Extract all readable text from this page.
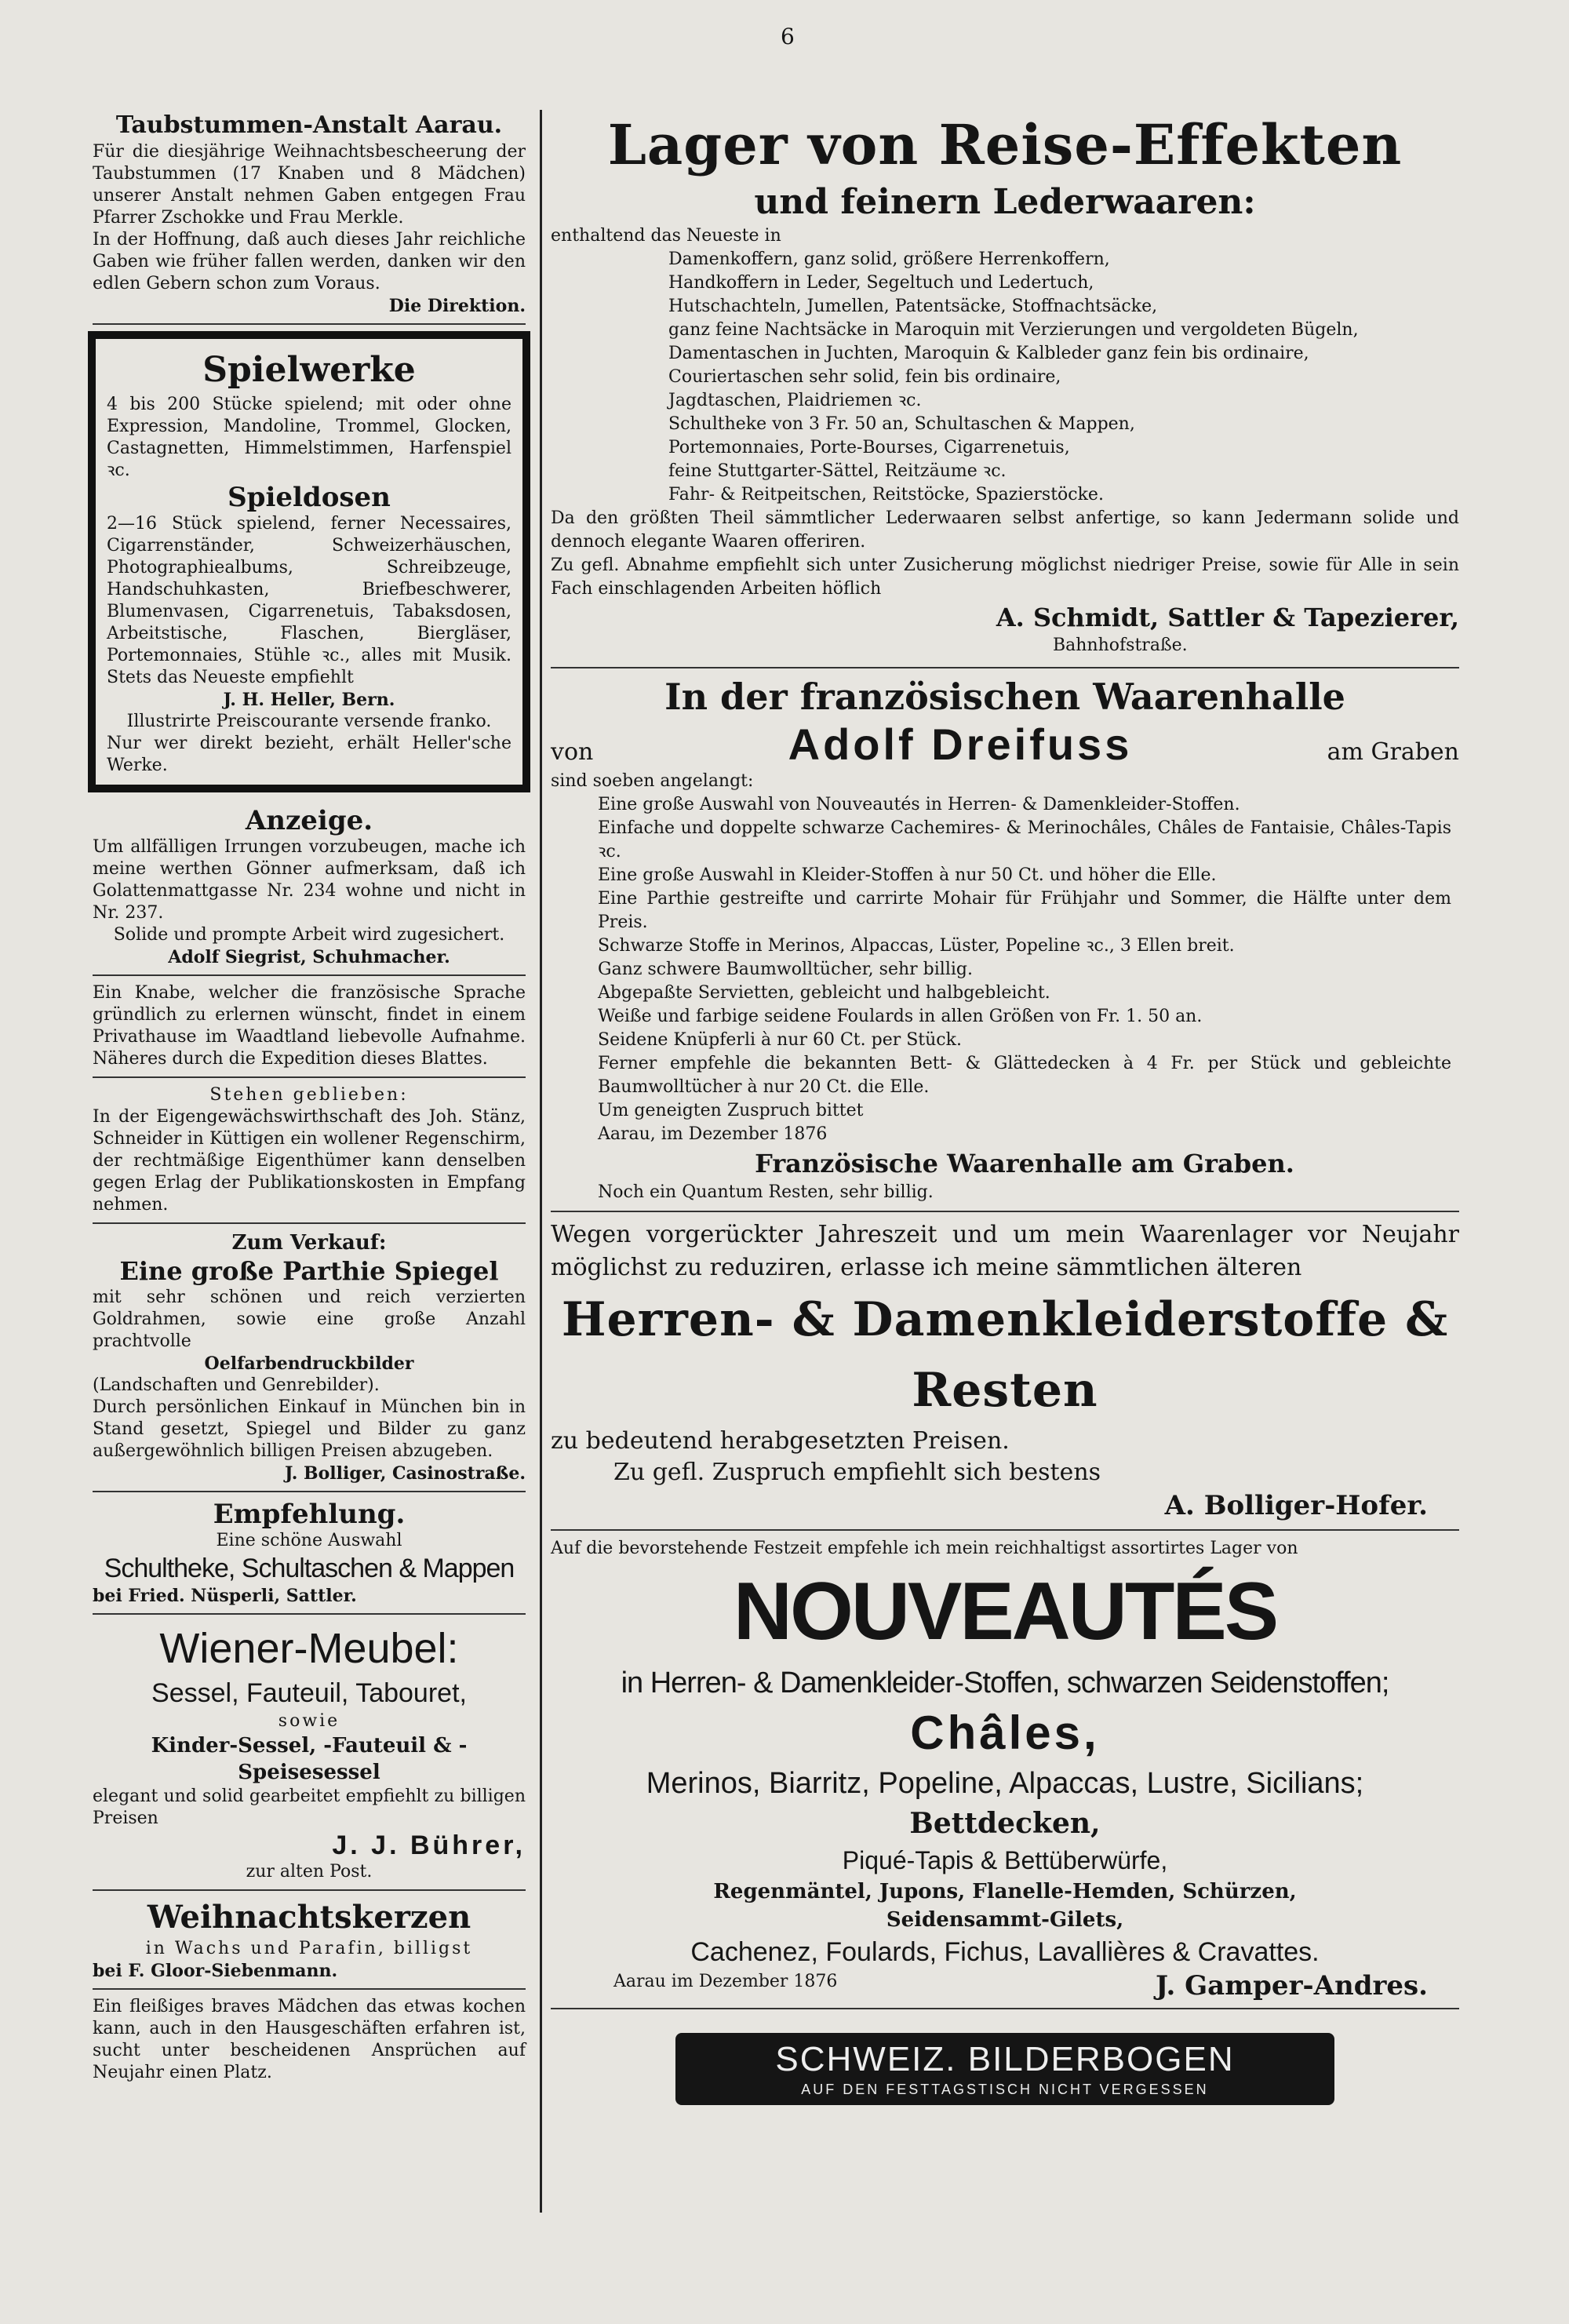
6
Taubstummen-Anstalt Aarau.

Für die diesjährige Weihnachtsbescheerung der Taubstummen (17 Knaben und 8 Mädchen) unserer Anstalt nehmen Gaben entgegen Frau Pfarrer Zschokke und Frau Merkle.

In der Hoffnung, daß auch dieses Jahr reichliche Gaben wie früher fallen werden, danken wir den edlen Gebern schon zum Voraus.

Die Direktion.

Spielwerke

4 bis 200 Stücke spielend; mit oder ohne Expression, Mandoline, Trommel, Glocken, Castagnetten, Himmelstimmen, Harfenspiel ꝛc.

Spieldosen

2—16 Stück spielend, ferner Necessaires, Cigarrenständer, Schweizerhäuschen, Photographiealbums, Schreibzeuge, Handschuhkasten, Briefbeschwerer, Blumenvasen, Cigarrenetuis, Tabaksdosen, Arbeitstische, Flaschen, Biergläser, Portemonnaies, Stühle ꝛc., alles mit Musik. Stets das Neueste empfiehlt

J. H. Heller, Bern.

Illustrirte Preiscourante versende franko.

Nur wer direkt bezieht, erhält Heller'sche Werke.

Anzeige.

Um allfälligen Irrungen vorzubeugen, mache ich meine werthen Gönner aufmerksam, daß ich Golattenmattgasse Nr. 234 wohne und nicht in Nr. 237.

Solide und prompte Arbeit wird zugesichert.

Adolf Siegrist, Schuhmacher.

Ein Knabe, welcher die französische Sprache gründlich zu erlernen wünscht, findet in einem Privathause im Waadtland liebevolle Aufnahme. Näheres durch die Expedition dieses Blattes.

Stehen geblieben:

In der Eigengewächswirthschaft des Joh. Stänz, Schneider in Küttigen ein wollener Regenschirm, der rechtmäßige Eigenthümer kann denselben gegen Erlag der Publikationskosten in Empfang nehmen.

Zum Verkauf:
Eine große Parthie Spiegel

mit sehr schönen und reich verzierten Goldrahmen, sowie eine große Anzahl prachtvolle

Oelfarbendruckbilder

(Landschaften und Genrebilder).

Durch persönlichen Einkauf in München bin in Stand gesetzt, Spiegel und Bilder zu ganz außergewöhnlich billigen Preisen abzugeben.

J. Bolliger, Casinostraße.

Empfehlung.

Eine schöne Auswahl

Schultheke, Schultaschen & Mappen

bei Fried. Nüsperli, Sattler.

Wiener-Meubel:

Sessel, Fauteuil, Tabouret,

sowie

Kinder-Sessel, -Fauteuil & -Speisesessel

elegant und solid gearbeitet empfiehlt zu billigen Preisen

J. J. Bührer,

zur alten Post.

Weihnachtskerzen

in Wachs und Parafin, billigst

bei F. Gloor-Siebenmann.

Ein fleißiges braves Mädchen das etwas kochen kann, auch in den Hausgeschäften erfahren ist, sucht unter bescheidenen Ansprüchen auf Neujahr einen Platz.

Lager von Reise-Effekten
und feinern Lederwaaren:

enthaltend das Neueste in

Damenkoffern, ganz solid, größere Herrenkoffern,

Handkoffern in Leder, Segeltuch und Ledertuch,

Hutschachteln, Jumellen, Patentsäcke, Stoffnachtsäcke,

ganz feine Nachtsäcke in Maroquin mit Verzierungen und vergoldeten Bügeln,

Damentaschen in Juchten, Maroquin & Kalbleder ganz fein bis ordinaire,

Couriertaschen sehr solid, fein bis ordinaire,

Jagdtaschen, Plaidriemen ꝛc.

Schultheke von 3 Fr. 50 an, Schultaschen & Mappen,

Portemonnaies, Porte-Bourses, Cigarrenetuis,

feine Stuttgarter-Sättel, Reitzäume ꝛc.

Fahr- & Reitpeitschen, Reitstöcke, Spazierstöcke.

Da den größten Theil sämmtlicher Lederwaaren selbst anfertige, so kann Jedermann solide und dennoch elegante Waaren offeriren.

Zu gefl. Abnahme empfiehlt sich unter Zusicherung möglichst niedriger Preise, sowie für Alle in sein Fach einschlagenden Arbeiten höflich

A. Schmidt, Sattler & Tapezierer,

Bahnhofstraße.

In der französischen Waarenhalle
von	Adolf Dreifuss	am Graben

sind soeben angelangt:

Eine große Auswahl von Nouveautés in Herren- & Damenkleider-Stoffen.

Einfache und doppelte schwarze Cachemires- & Merinochâles, Châles de Fantaisie, Châles-Tapis ꝛc.

Eine große Auswahl in Kleider-Stoffen à nur 50 Ct. und höher die Elle.

Eine Parthie gestreifte und carrirte Mohair für Frühjahr und Sommer, die Hälfte unter dem Preis.

Schwarze Stoffe in Merinos, Alpaccas, Lüster, Popeline ꝛc., 3 Ellen breit.

Ganz schwere Baumwolltücher, sehr billig.

Abgepaßte Servietten, gebleicht und halbgebleicht.

Weiße und farbige seidene Foulards in allen Größen von Fr. 1. 50 an.

Seidene Knüpferli à nur 60 Ct. per Stück.

Ferner empfehle die bekannten Bett- & Glättedecken à 4 Fr. per Stück und gebleichte Baumwolltücher à nur 20 Ct. die Elle.

Um geneigten Zuspruch bittet

Aarau, im Dezember 1876

Französische Waarenhalle am Graben.

Noch ein Quantum Resten, sehr billig.

Wegen vorgerückter Jahreszeit und um mein Waarenlager vor Neujahr möglichst zu reduziren, erlasse ich meine sämmtlichen älteren

Herren- & Damenkleiderstoffe & Resten

zu bedeutend herabgesetzten Preisen.

Zu gefl. Zuspruch empfiehlt sich bestens

A. Bolliger-Hofer.

Auf die bevorstehende Festzeit empfehle ich mein reichhaltigst assortirtes Lager von

NOUVEAUTÉS

in Herren- & Damenkleider-Stoffen, schwarzen Seidenstoffen;

Châles,

Merinos, Biarritz, Popeline, Alpaccas, Lustre, Sicilians;

Bettdecken,

Piqué-Tapis & Bettüberwürfe,

Regenmäntel, Jupons, Flanelle-Hemden, Schürzen,

Seidensammt-Gilets,

Cachenez, Foulards, Fichus, Lavallières & Cravattes.

Aarau im Dezember 1876	J. Gamper-Andres.
SCHWEIZ. BILDERBOGEN
AUF DEN FESTTAGSTISCH NICHT VERGESSEN
